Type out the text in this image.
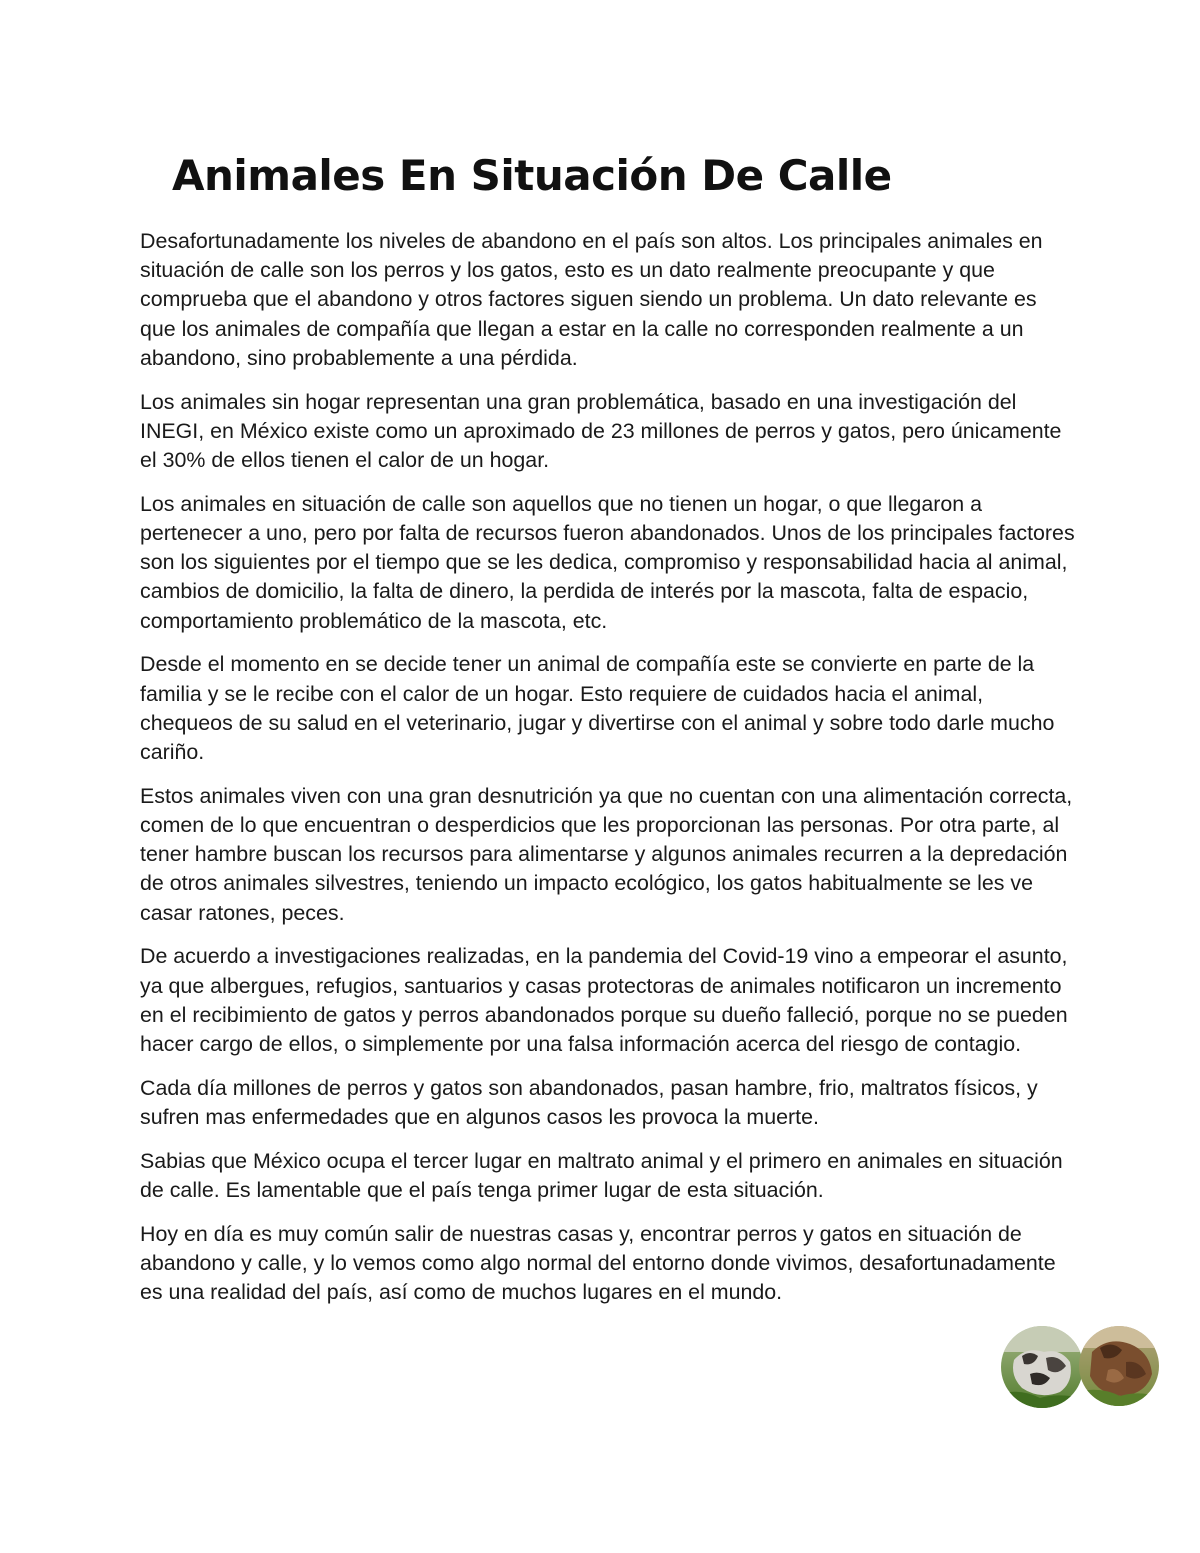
Animales En Situación De Calle

Desafortunadamente los niveles de abandono en el país son altos. Los principales animales en situación de calle son los perros y los gatos, esto es un dato realmente preocupante y que comprueba que el abandono y otros factores siguen siendo un problema. Un dato relevante es que los animales de compañía que llegan a estar en la calle no corresponden realmente a un abandono, sino probablemente a una pérdida.

Los animales sin hogar representan una gran problemática, basado en una investigación del INEGI, en México existe como un aproximado de 23 millones de perros y gatos, pero únicamente el 30% de ellos tienen el calor de un hogar.

Los animales en situación de calle son aquellos que no tienen un hogar, o que llegaron a pertenecer a uno, pero por falta de recursos fueron abandonados. Unos de los principales factores son los siguientes por el tiempo que se les dedica, compromiso y responsabilidad hacia al animal, cambios de domicilio, la falta de dinero, la perdida de interés por la mascota, falta de espacio, comportamiento problemático de la mascota, etc.

Desde el momento en se decide tener un animal de compañía este se convierte en parte de la familia y se le recibe con el calor de un hogar. Esto requiere de cuidados hacia el animal, chequeos de su salud en el veterinario, jugar y divertirse con el animal y sobre todo darle mucho cariño.

Estos animales viven con una gran desnutrición ya que no cuentan con una alimentación correcta, comen de lo que encuentran o desperdicios que les proporcionan las personas. Por otra parte, al tener hambre buscan los recursos para alimentarse y algunos animales recurren a la depredación de otros animales silvestres, teniendo un impacto ecológico, los gatos habitualmente se les ve casar ratones, peces.

De acuerdo a investigaciones realizadas, en la pandemia del Covid-19 vino a empeorar el asunto, ya que albergues, refugios, santuarios y casas protectoras de animales notificaron un incremento en el recibimiento de gatos y perros abandonados porque su dueño falleció, porque no se pueden hacer cargo de ellos, o simplemente por una falsa información acerca del riesgo de contagio.

Cada día millones de perros y gatos son abandonados, pasan hambre, frio, maltratos físicos, y sufren mas enfermedades que en algunos casos les provoca la muerte.

Sabias que México ocupa el tercer lugar en maltrato animal y el primero en animales en situación de calle. Es lamentable que el país tenga primer lugar de esta situación.

Hoy en día es muy común salir de nuestras casas y, encontrar perros y gatos en situación de abandono y calle, y lo vemos como algo normal del entorno donde vivimos, desafortunadamente es una realidad del país, así como de muchos lugares en el mundo.
